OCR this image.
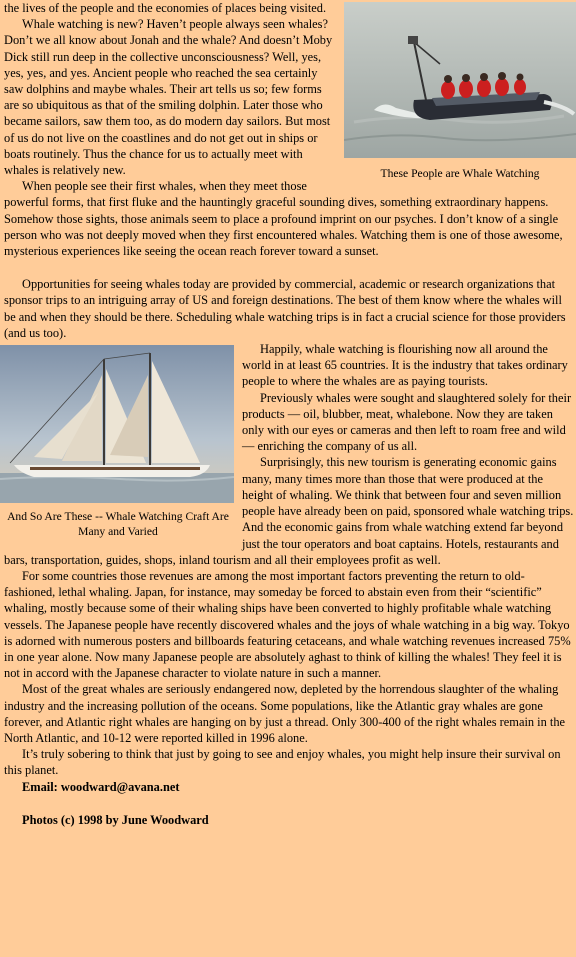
These People are Whale Watching

the lives of the people and the economies of places being visited.

Whale watching is new? Haven’t people always seen whales? Don’t we all know about Jonah and the whale? And doesn’t Moby Dick still run deep in the collective unconsciousness? Well, yes, yes, yes, and yes. Ancient people who reached the sea certainly saw dolphins and maybe whales. Their art tells us so; few forms are so ubiquitous as that of the smiling dolphin. Later those who became sailors, saw them too, as do modern day sailors. But most of us do not live on the coastlines and do not get out in ships or boats routinely. Thus the chance for us to actually meet with whales is relatively new.

When people see their first whales, when they meet those powerful forms, that first fluke and the hauntingly graceful sounding dives, something extraordinary happens. Somehow those sights, those animals seem to place a profound imprint on our psyches. I don’t know of a single person who was not deeply moved when they first encountered whales. Watching them is one of those awesome, mysterious experiences like seeing the ocean reach forever toward a sunset.

Opportunities for seeing whales today are provided by commercial, academic or research organizations that sponsor trips to an intriguing array of US and foreign destinations. The best of them know where the whales will be and when they should be there. Scheduling whale watching trips is in fact a crucial science for those providers (and us too).

And So Are These -- Whale Watching Craft Are Many and Varied

Happily, whale watching is flourishing now all around the world in at least 65 countries. It is the industry that takes ordinary people to where the whales are as paying tourists.

Previously whales were sought and slaughtered solely for their products — oil, blubber, meat, whalebone. Now they are taken only with our eyes or cameras and then left to roam free and wild — enriching the company of us all.

Surprisingly, this new tourism is generating economic gains many, many times more than those that were produced at the height of whaling. We think that between four and seven million people have already been on paid, sponsored whale watching trips. And the economic gains from whale watching extend far beyond just the tour operators and boat captains. Hotels, restaurants and bars, transportation, guides, shops, inland tourism and all their employees profit as well.

For some countries those revenues are among the most important factors preventing the return to old-fashioned, lethal whaling. Japan, for instance, may someday be forced to abstain even from their “scientific” whaling, mostly because some of their whaling ships have been converted to highly profitable whale watching vessels. The Japanese people have recently discovered whales and the joys of whale watching in a big way. Tokyo is adorned with numerous posters and billboards featuring cetaceans, and whale watching revenues increased 75% in one year alone. Now many Japanese people are absolutely aghast to think of killing the whales! They feel it is not in accord with the Japanese character to violate nature in such a manner.

Most of the great whales are seriously endangered now, depleted by the horrendous slaughter of the whaling industry and the increasing pollution of the oceans. Some populations, like the Atlantic gray whales are gone forever, and Atlantic right whales are hanging on by just a thread. Only 300-400 of the right whales remain in the North Atlantic, and 10-12 were reported killed in 1996 alone.

It’s truly sobering to think that just by going to see and enjoy whales, you might help insure their survival on this planet.

Email: woodward@avana.net

Photos (c) 1998 by June Woodward
